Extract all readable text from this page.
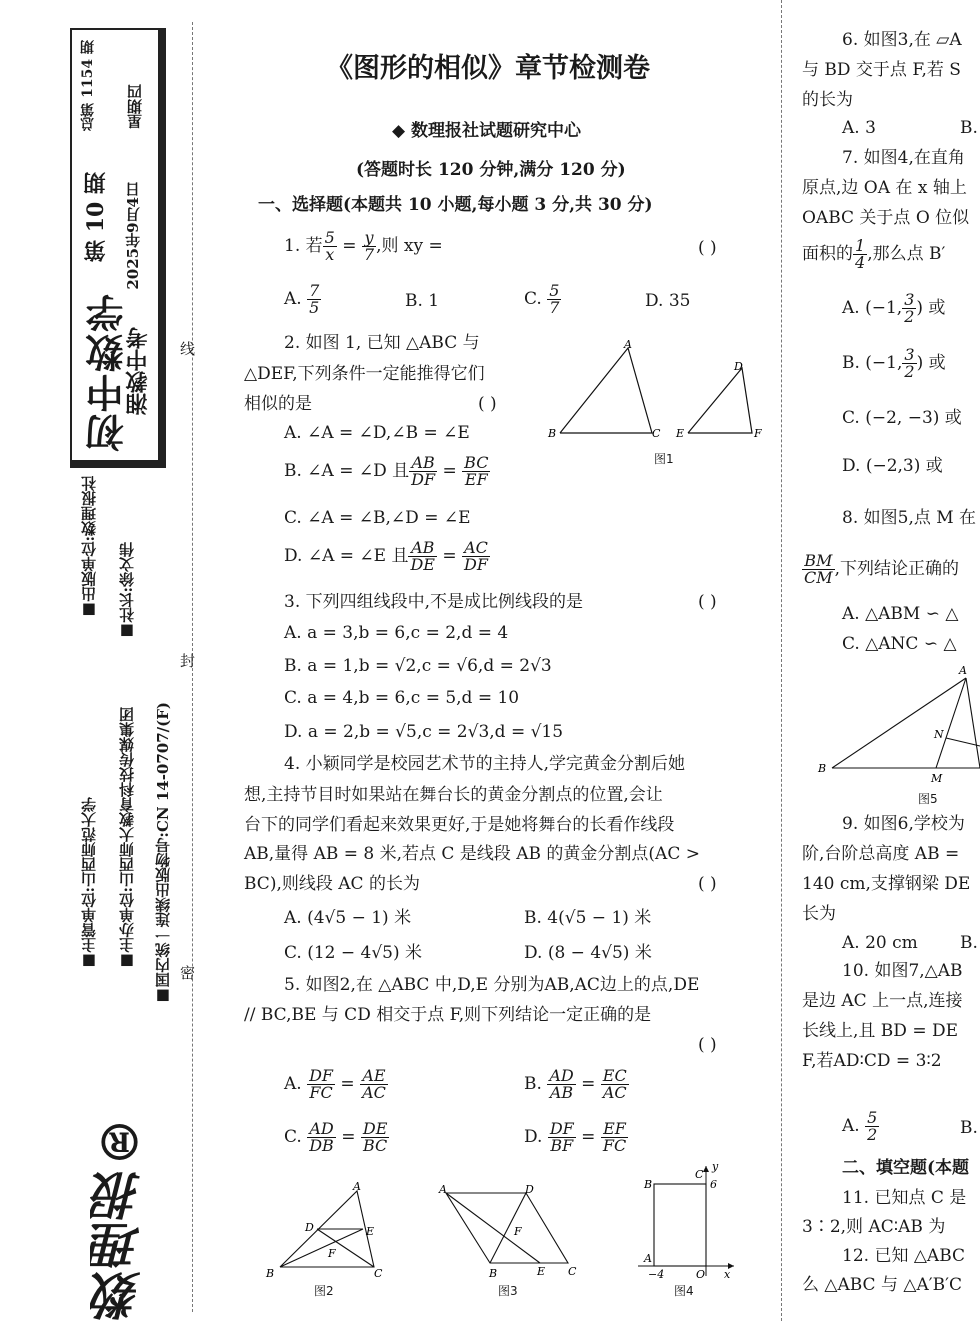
初中数学
湘教中考
第 10 期
总第 1154 期
2025年9月4日
星期四
■出版单位:数理报社 ■社长:徐文伟
■主管单位:山西师范大学 ■主办单位:山西师大教育科技传媒集团 ■国内统一连续出版物号:CN 14-0707/(F)
数理报®
线
封
密
《图形的相似》章节检测卷
◆ 数理报社试题研究中心
(答题时长 120 分钟,满分 120 分)
一、选择题(本题共 10 小题,每小题 3 分,共 30 分)
1. 若 $\frac{5}{x} = \frac{y}{7}$ ,则 xy =	( )
A. $\frac{7}{5}$	B. 1	C. $\frac{5}{7}$	D. 35
2. 如图 1, 已知 △ABC 与
△DEF,下列条件一定能推得它们
相似的是	( )
A. ∠A = ∠D,∠B = ∠E
B. ∠A = ∠D 且 $\frac{AB}{DF} = \frac{BC}{EF}$
C. ∠A = ∠B,∠D = ∠E
D. ∠A = ∠E 且 $\frac{AB}{DE} = \frac{AC}{DF}$
A
B	C
D
E	F
图1
3. 下列四组线段中,不是成比例线段的是	( )
A. a = 3,b = 6,c = 2,d = 4
B. a = 1,b = √2,c = √6,d = 2√3
C. a = 4,b = 6,c = 5,d = 10
D. a = 2,b = √5,c = 2√3,d = √15
4. 小颖同学是校园艺术节的主持人,学完黄金分割后她
想,主持节目时如果站在舞台长的黄金分割点的位置,会让
台下的同学们看起来效果更好,于是她将舞台的长看作线段
AB,量得 AB = 8 米,若点 C 是线段 AB 的黄金分割点(AC >
BC),则线段 AC 的长为	( )
A. (4√5 − 1) 米	B. 4(√5 − 1) 米
C. (12 − 4√5) 米	D. (8 − 4√5) 米
5. 如图2,在 △ABC 中,D,E 分别为AB,AC边上的点,DE
// BC,BE 与 CD 相交于点 F,则下列结论一定正确的是
( )
A. $\frac{DF}{FC} = \frac{AE}{AC}$	B. $\frac{AD}{AB} = \frac{EC}{AC}$
C. $\frac{AD}{DB} = \frac{DE}{BC}$	D. $\frac{DF}{BF} = \frac{EF}{FC}$
A
D	E
F
B	C
图2
A	D
F
B	E C
图3
y
B
C
6
A
−4	O x
图4
6. 如图3,在 ▱A
与 BD 交于点 F,若 S
的长为
A. 3	B.
7. 如图4,在直角
原点,边 OA 在 x 轴上
OABC 关于点 O 位似
面积的 $\frac{1}{4}$ ,那么点 B′
A. (−1, $\frac{3}{2}$ ) 或
B. (−1, $\frac{3}{2}$ ) 或
C. (−2, −3) 或
D. (−2,3) 或
8. 如图5,点 M 在
$\frac{BM}{CM}$ ,下列结论正确的
A. △ABM ∽ △
C. △ANC ∽ △
A
N
B
M
图5
9. 如图6,学校为
阶,台阶总高度 AB =
140 cm,支撑钢梁 DE
长为
A. 20 cm B.
10. 如图7,△AB
是边 AC 上一点,连接
长线上,且 BD = DE
F,若AD∶CD = 3∶2
A. $\frac{5}{2}$	B.
二、填空题(本题
11. 已知点 C 是
3∶2,则 AC∶AB 为
12. 已知 △ABC
么 △ABC 与 △A′B′C
